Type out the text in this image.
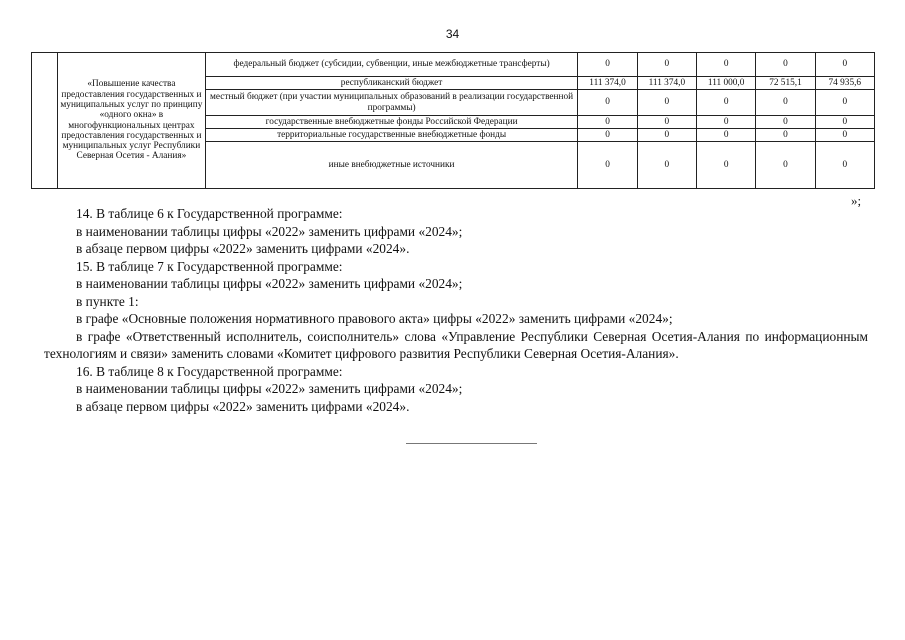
34
	«Повышение качества предоставления государственных и муниципальных услуг по принципу «одного окна» в многофункциональных центрах предоставления государственных и муниципальных услуг Республики Северная Осетия - Алания»	федеральный бюджет (субсидии, субвенции, иные межбюджетные трансферты)	0	0	0	0	0
		республиканский бюджет	111 374,0	111 374,0	111 000,0	72 515,1	74 935,6
		местный бюджет (при участии муниципальных образований в реализации государственной программы)	0	0	0	0	0
		государственные внебюджетные фонды Российской Федерации	0	0	0	0	0
		территориальные государственные внебюджетные фонды	0	0	0	0	0
		иные внебюджетные источники	0	0	0	0	0
»;

14. В таблице 6 к Государственной программе:

в наименовании таблицы цифры «2022» заменить цифрами «2024»;

в абзаце первом цифры «2022» заменить цифрами «2024».

15. В таблице 7 к Государственной программе:

в наименовании таблицы цифры «2022» заменить цифрами «2024»;

в пункте 1:

в графе «Основные положения нормативного правового акта» цифры «2022» заменить цифрами «2024»;

в графе «Ответственный исполнитель, соисполнитель» слова «Управление Республики Северная Осетия-Алания по информационным технологиям и связи» заменить словами «Комитет цифрового развития Республики Северная Осетия-Алания».

16. В таблице 8 к Государственной программе:

в наименовании таблицы цифры «2022» заменить цифрами «2024»;

в абзаце первом цифры «2022» заменить цифрами «2024».
